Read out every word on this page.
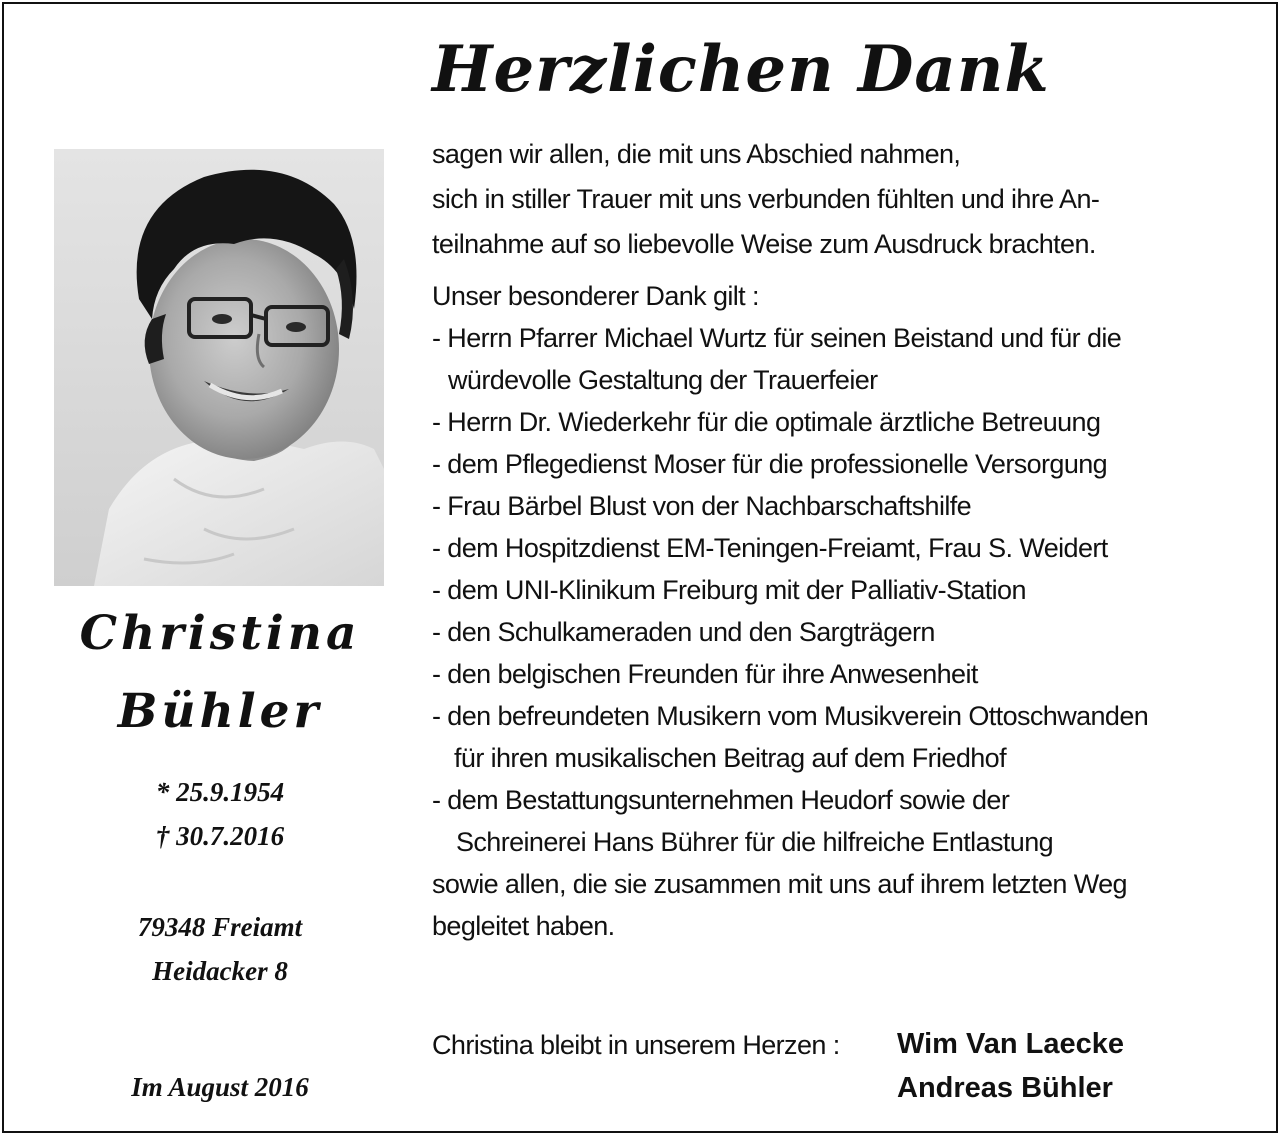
Herzlichen Dank

Christina

Bühler

* 25.9.1954

† 30.7.2016

79348 Freiamt

Heidacker 8

Im August 2016

sagen wir allen, die mit uns Abschied nahmen,
sich in stiller Trauer mit uns verbunden fühlten und ihre An-
teilnahme auf so liebevolle Weise zum Ausdruck brachten.
Unser besonderer Dank gilt :
- Herrn Pfarrer Michael Wurtz für seinen Beistand und für die
würdevolle Gestaltung der Trauerfeier
- Herrn Dr. Wiederkehr für die optimale ärztliche Betreuung
- dem Pflegedienst Moser für die professionelle Versorgung
- Frau Bärbel Blust von der Nachbarschaftshilfe
- dem Hospitzdienst EM-Teningen-Freiamt, Frau S. Weidert
- dem UNI-Klinikum Freiburg mit der Palliativ-Station
- den Schulkameraden und den Sargträgern
- den belgischen Freunden für ihre Anwesenheit
- den befreundeten Musikern vom Musikverein Ottoschwanden
für ihren musikalischen Beitrag auf dem Friedhof
- dem Bestattungsunternehmen Heudorf sowie der
Schreinerei Hans Bührer für die hilfreiche Entlastung
sowie allen, die sie zusammen mit uns auf ihrem letzten Weg
begleitet haben.
Christina bleibt in unserem Herzen : Wim Van Laecke
Andreas Bühler
